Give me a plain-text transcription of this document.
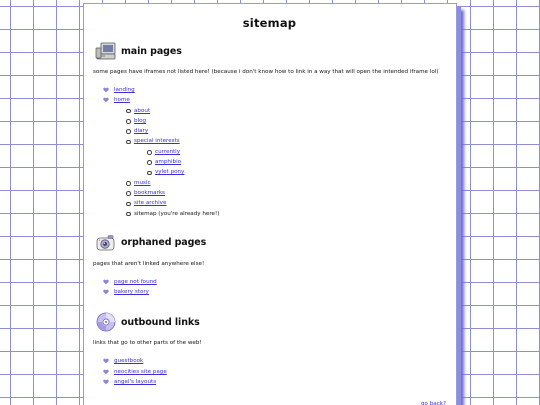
sitemap
main pages

some pages have iframes not listed here! (because i don't know how to link in a way that will open the intended iframe lol)

landing
home
about
blog
diary
special interests
currently
amphibio
vylet pony
music
bookmarks
site archive
sitemap (you're already here!)
orphaned pages

pages that aren't linked anywhere else!

page not found
bakery story
outbound links

links that go to other parts of the web!

guestbook
neocities site page
angel's layouts
go back?
